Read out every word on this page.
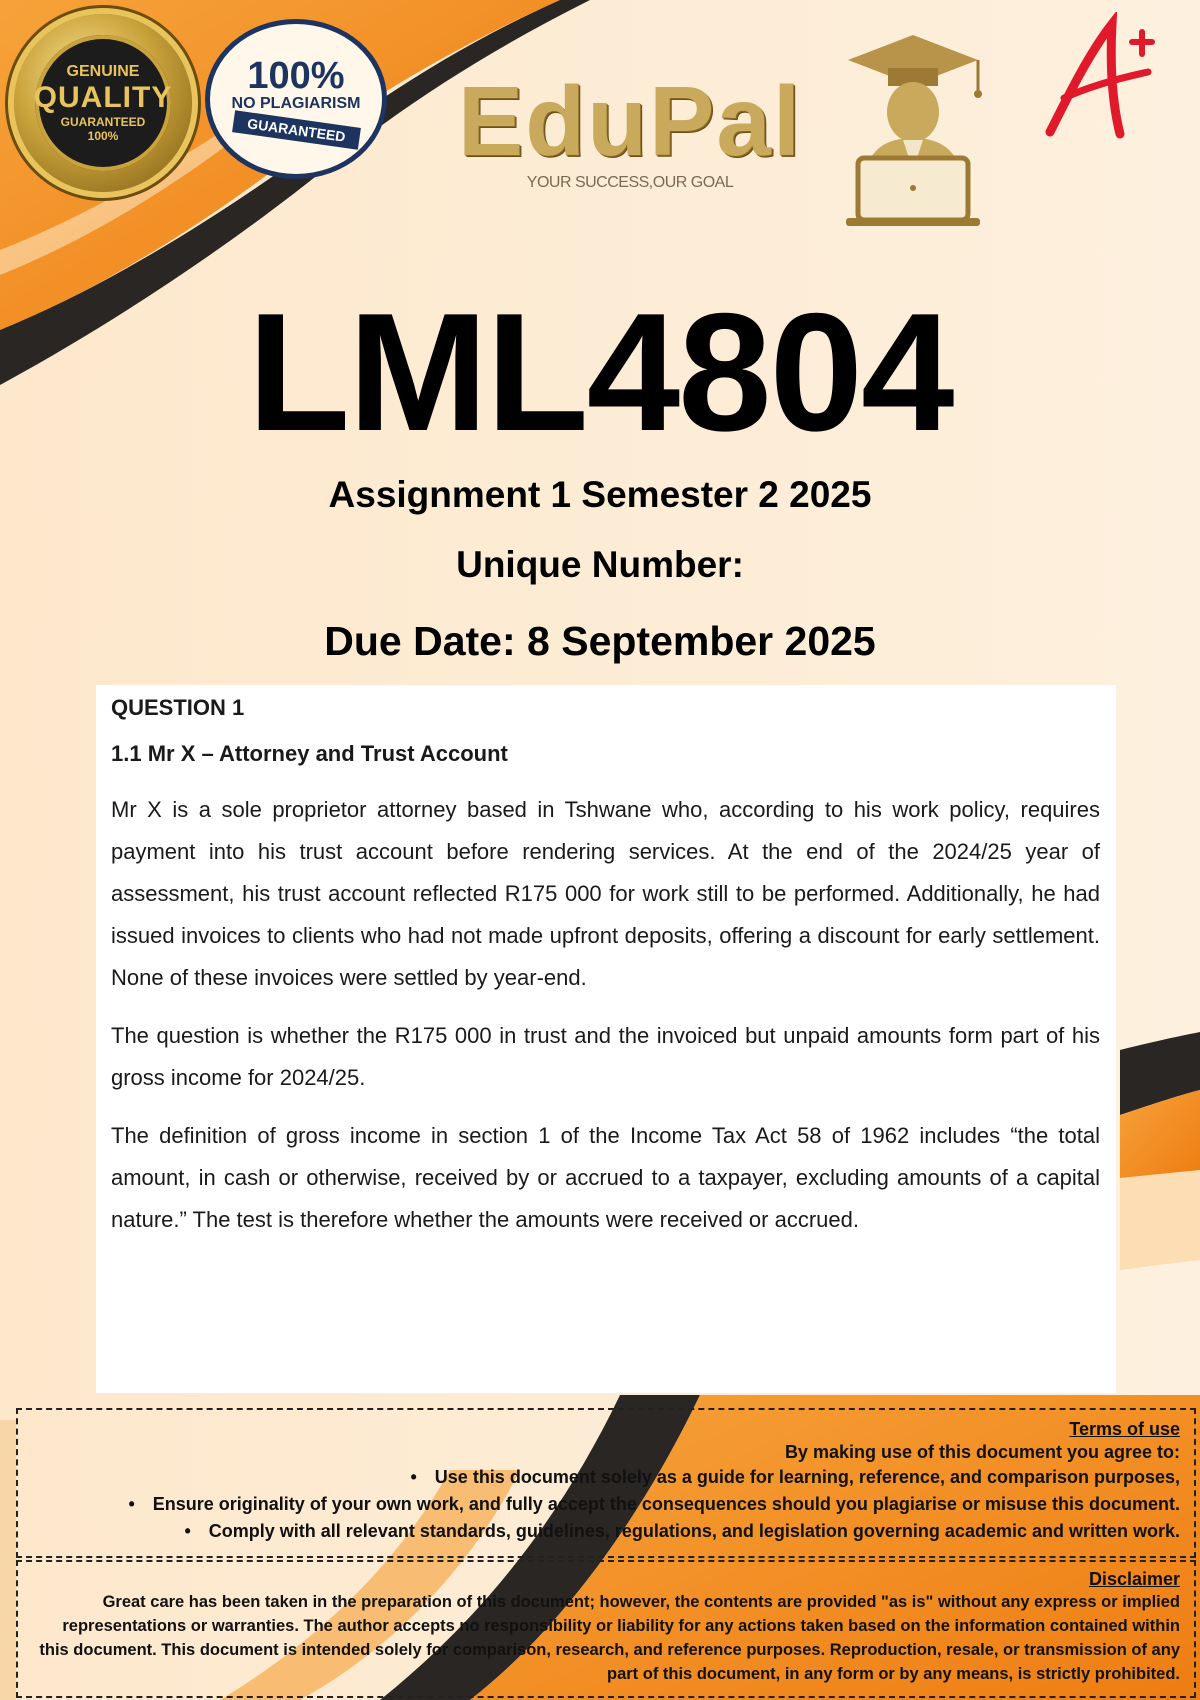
GENUINE
QUALITY
GUARANTEED
100%
100%
NO PLAGIARISM
GUARANTEED EduPal
YOUR SUCCESS,OUR GOAL
LML4804
Assignment 1 Semester 2 2025
Unique Number:
Due Date: 8 September 2025
QUESTION 1
1.1 Mr X – Attorney and Trust Account

Mr X is a sole proprietor attorney based in Tshwane who, according to his work policy, requires payment into his trust account before rendering services. At the end of the 2024/25 year of assessment, his trust account reflected R175 000 for work still to be performed. Additionally, he had issued invoices to clients who had not made upfront deposits, offering a discount for early settlement. None of these invoices were settled by year-end.

The question is whether the R175 000 in trust and the invoiced but unpaid amounts form part of his gross income for 2024/25.

The definition of gross income in section 1 of the Income Tax Act 58 of 1962 includes “the total amount, in cash or otherwise, received by or accrued to a taxpayer, excluding amounts of a capital nature.” The test is therefore whether the amounts were received or accrued.

Terms of use
By making use of this document you agree to:
• Use this document solely as a guide for learning, reference, and comparison purposes,
• Ensure originality of your own work, and fully accept the consequences should you plagiarise or misuse this document.
• Comply with all relevant standards, guidelines, regulations, and legislation governing academic and written work.
Disclaimer
Great care has been taken in the preparation of this document; however, the contents are provided "as is" without any express or implied representations or warranties. The author accepts no responsibility or liability for any actions taken based on the information contained within this document. This document is intended solely for comparison, research, and reference purposes. Reproduction, resale, or transmission of any part of this document, in any form or by any means, is strictly prohibited.
